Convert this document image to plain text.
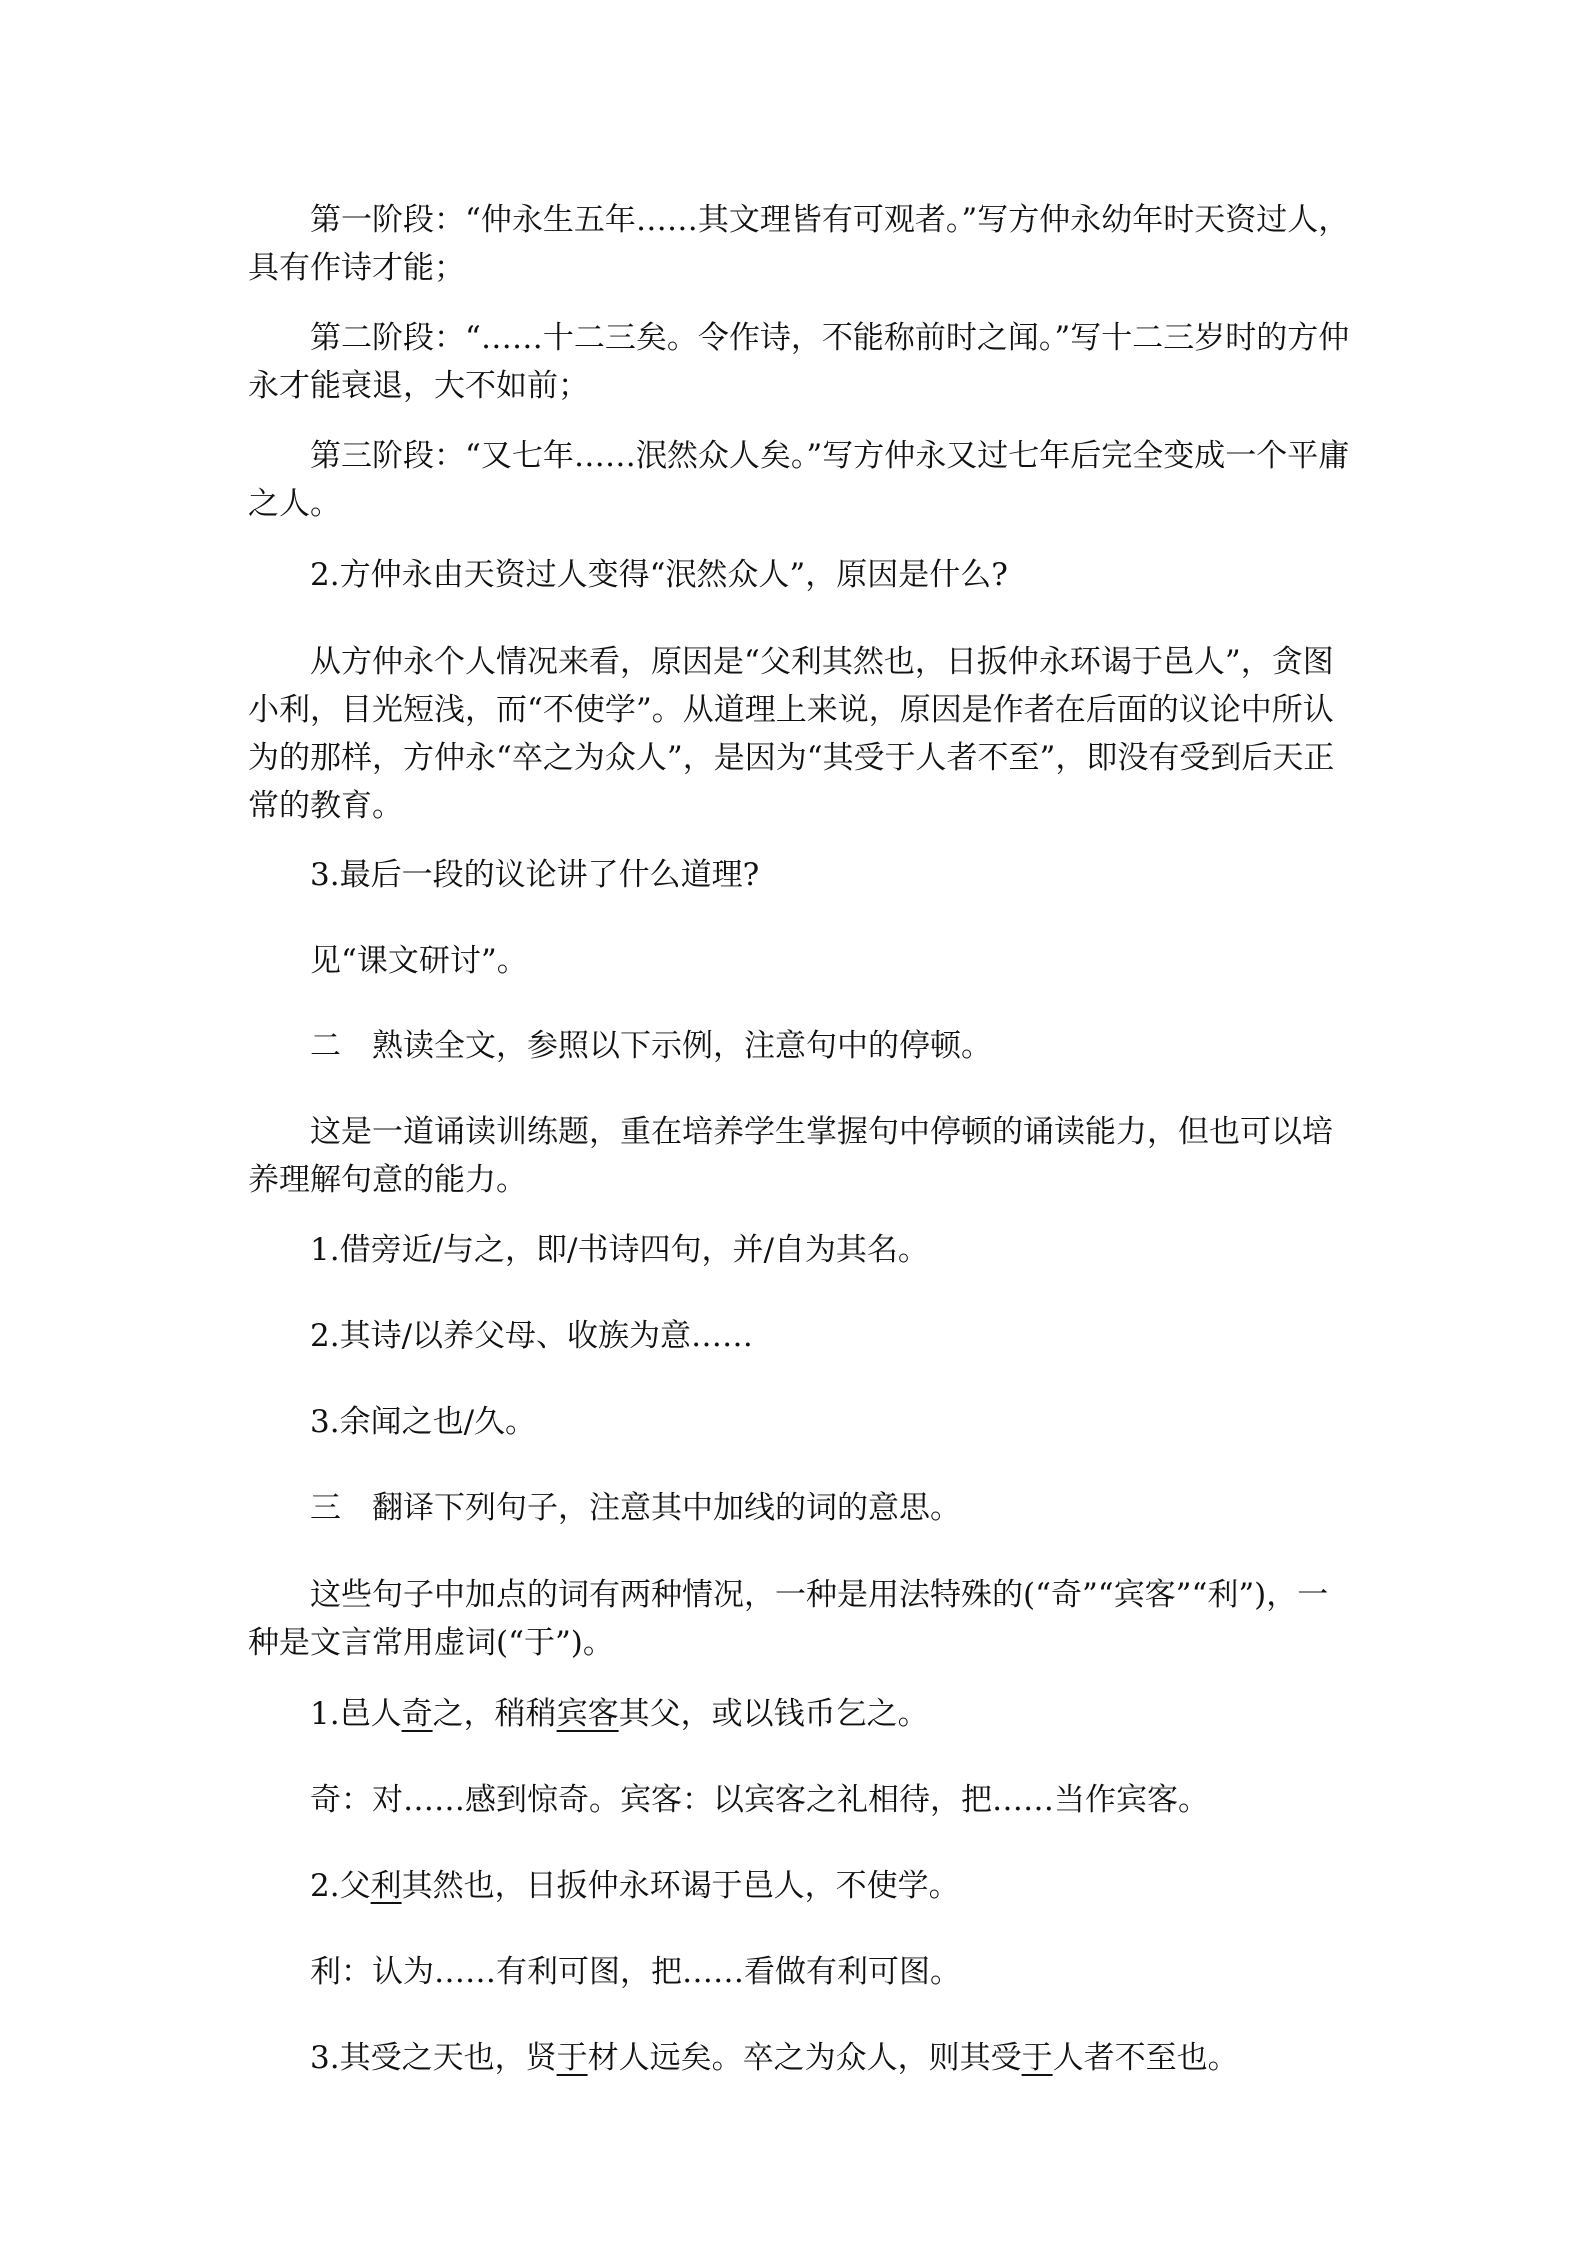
第一阶段：“仲永生五年……其文理皆有可观者。”写方仲永幼年时天资过人，具有作诗才能；

第二阶段：“……十二三矣。令作诗，不能称前时之闻。”写十二三岁时的方仲永才能衰退，大不如前；

第三阶段：“又七年……泯然众人矣。”写方仲永又过七年后完全变成一个平庸之人。

2.方仲永由天资过人变得“泯然众人”，原因是什么?

从方仲永个人情况来看，原因是“父利其然也，日扳仲永环谒于邑人”，贪图小利，目光短浅，而“不使学”。从道理上来说，原因是作者在后面的议论中所认为的那样，方仲永“卒之为众人”，是因为“其受于人者不至”，即没有受到后天正常的教育。

3.最后一段的议论讲了什么道理?

见“课文研讨”。

二　熟读全文，参照以下示例，注意句中的停顿。

这是一道诵读训练题，重在培养学生掌握句中停顿的诵读能力，但也可以培养理解句意的能力。

1.借旁近/与之，即/书诗四句，并/自为其名。

2.其诗/以养父母、收族为意……

3.余闻之也/久。

三　翻译下列句子，注意其中加线的词的意思。

这些句子中加点的词有两种情况，一种是用法特殊的(“奇”“宾客”“利”)，一种是文言常用虚词(“于”)。

1.邑人奇之，稍稍宾客其父，或以钱币乞之。

奇：对……感到惊奇。宾客：以宾客之礼相待，把……当作宾客。

2.父利其然也，日扳仲永环谒于邑人，不使学。

利：认为……有利可图，把……看做有利可图。

3.其受之天也，贤于材人远矣。卒之为众人，则其受于人者不至也。
